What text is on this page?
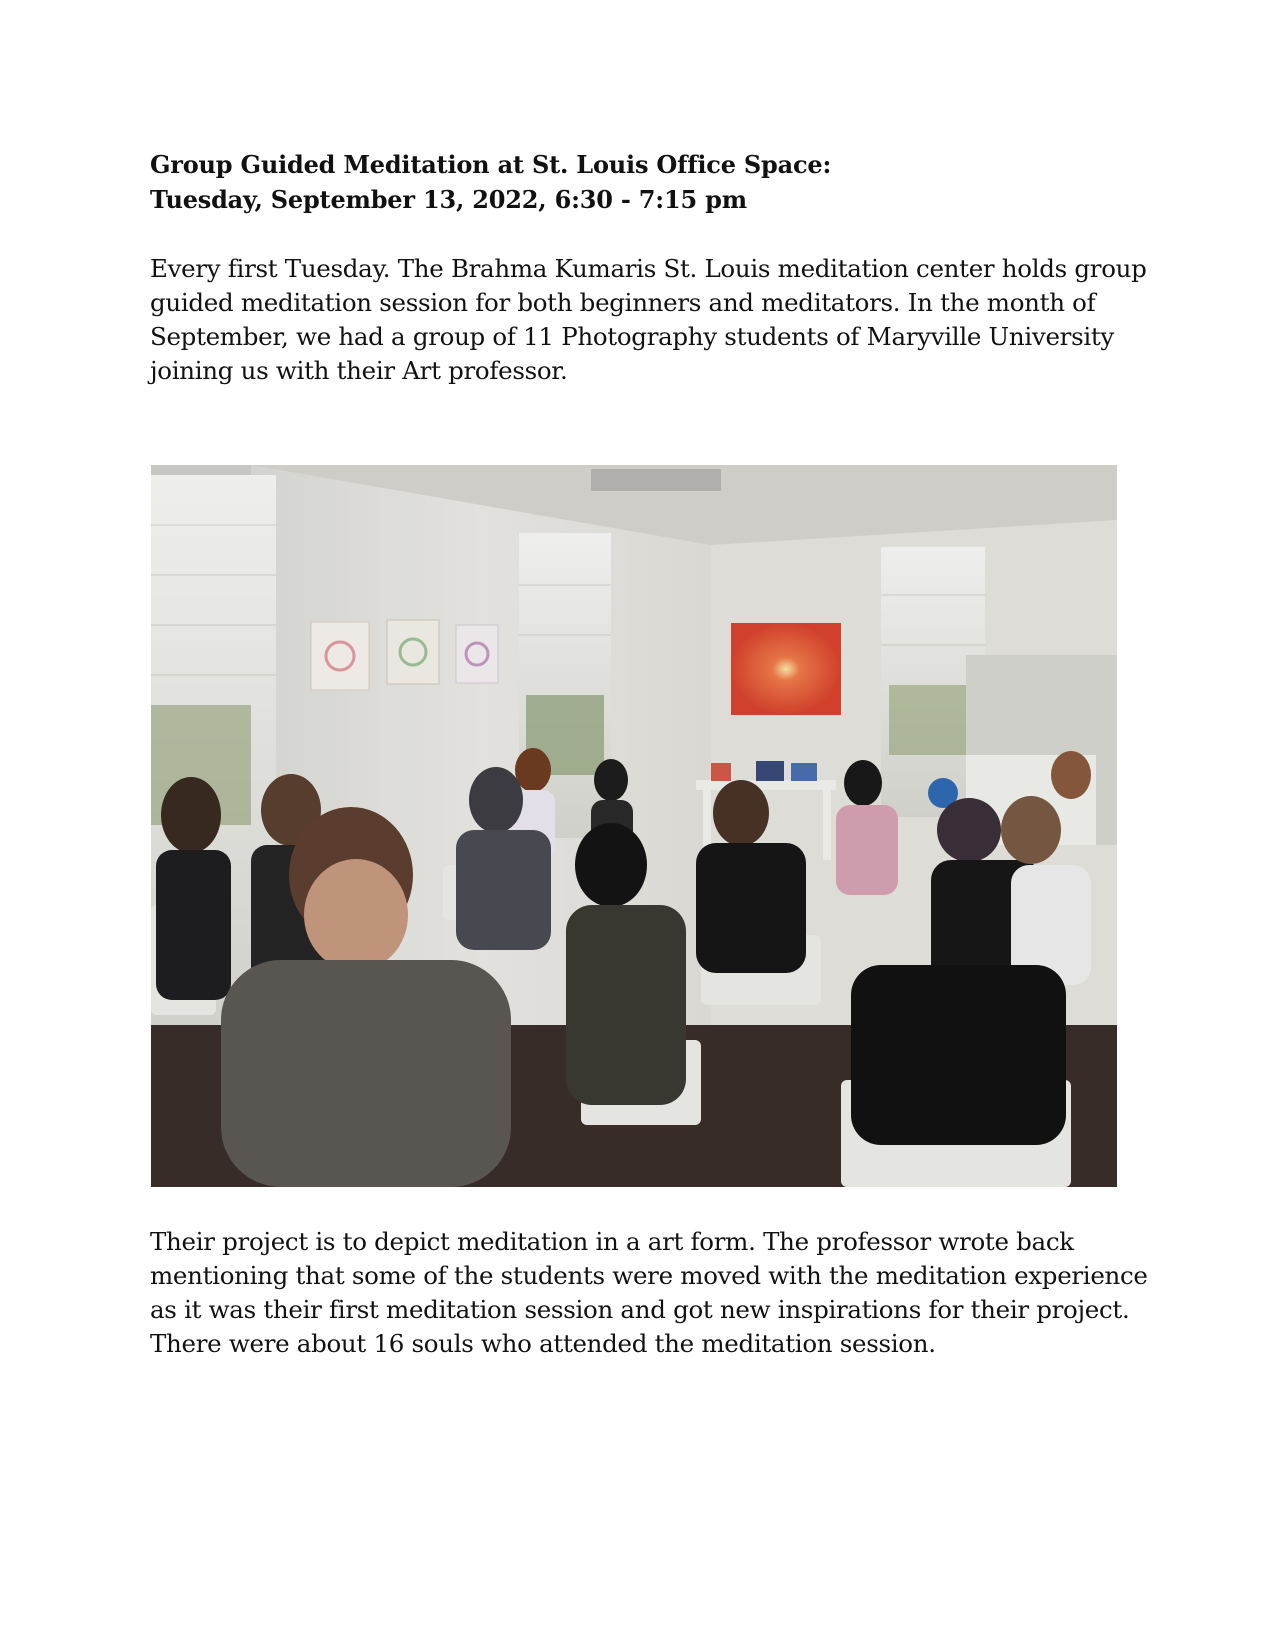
Group Guided Meditation at St. Louis Office Space:
Tuesday, September 13, 2022, 6:30 - 7:15 pm

Every first Tuesday. The Brahma Kumaris St. Louis meditation center holds group guided meditation session for both beginners and meditators. In the month of September, we had a group of 11 Photography students of Maryville University joining us with their Art professor.

Their project is to depict meditation in a art form. The professor wrote back mentioning that some of the students were moved with the meditation experience as it was their first meditation session and got new inspirations for their project. There were about 16 souls who attended the meditation session.
